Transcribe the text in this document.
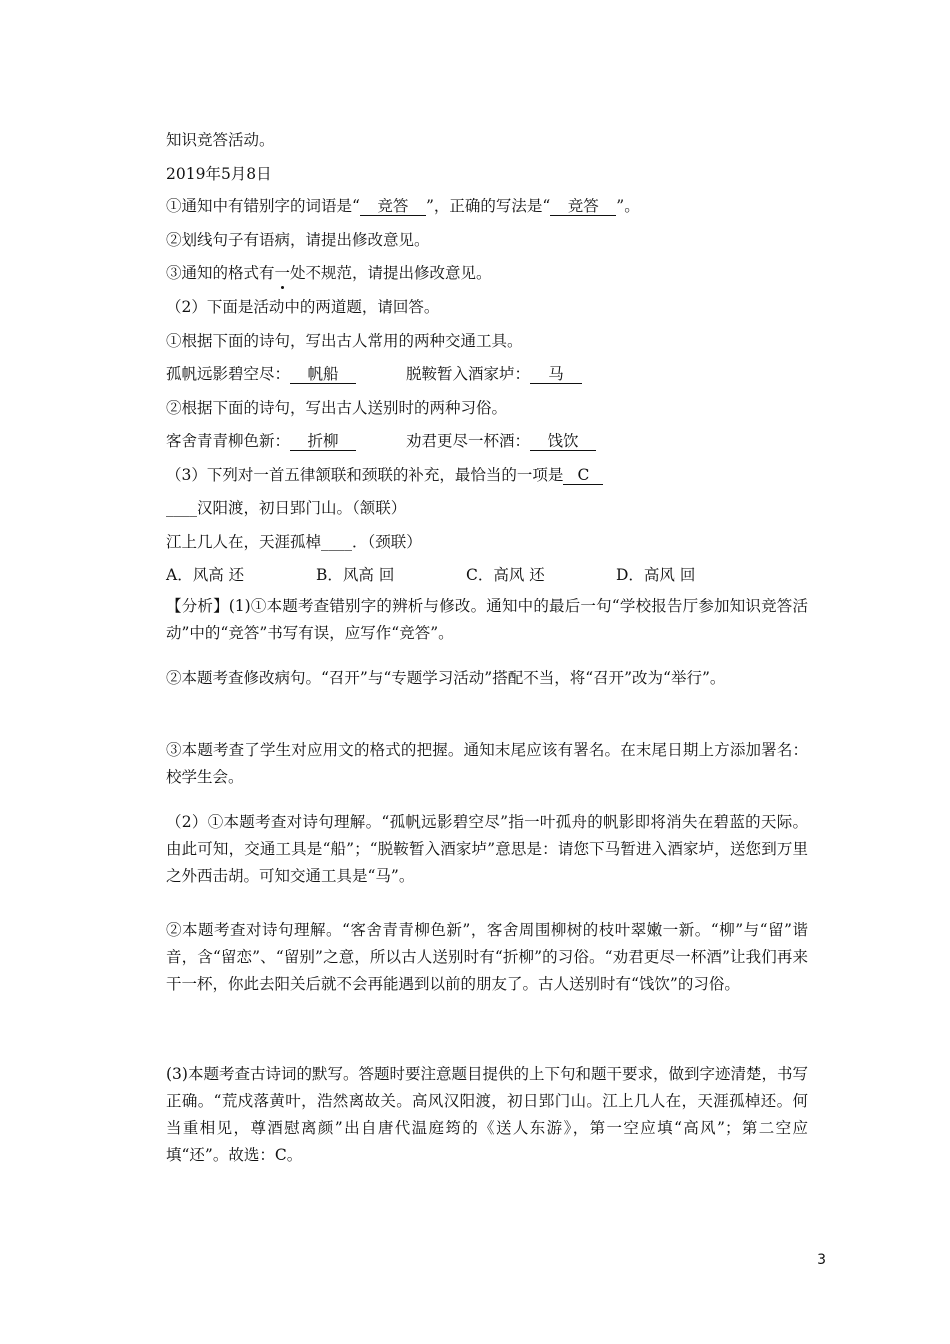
知识竞答活动。
2019年5月8日
①通知中有错别字的词语是“ 竞答 ”，正确的写法是“ 竞答 ”。
②划线句子有语病，请提出修改意见。
③通知的格式有一处不规范，请提出修改意见。
（2）下面是活动中的两道题，请回答。
①根据下面的诗句，写出古人常用的两种交通工具。
孤帆远影碧空尽： 帆船	脱鞍暂入酒家垆： 马
②根据下面的诗句，写出古人送别时的两种习俗。
客舍青青柳色新： 折柳	劝君更尽一杯酒： 饯饮
（3）下列对一首五律颔联和颈联的补充，最恰当的一项是 C
____汉阳渡，初日郢门山。（颔联）
江上几人在，天涯孤棹____．（颈联）
A．风高 还	B．风高 回	C．高风 还	D．高风 回
【分析】(1)①本题考查错别字的辨析与修改。通知中的最后一句“学校报告厅参加知识竞答活动”中的“竞答”书写有误，应写作“竞答”。
②本题考查修改病句。“召开”与“专题学习活动”搭配不当，将“召开”改为“举行”。
③本题考查了学生对应用文的格式的把握。通知末尾应该有署名。在末尾日期上方添加署名：校学生会。
（2）①本题考查对诗句理解。“孤帆远影碧空尽”指一叶孤舟的帆影即将消失在碧蓝的天际。由此可知，交通工具是“船”；“脱鞍暂入酒家垆”意思是：请您下马暂进入酒家垆，送您到万里之外西击胡。可知交通工具是“马”。
②本题考查对诗句理解。“客舍青青柳色新”，客舍周围柳树的枝叶翠嫩一新。“柳”与“留”谐音，含“留恋”、“留别”之意，所以古人送别时有“折柳”的习俗。“劝君更尽一杯酒”让我们再来干一杯，你此去阳关后就不会再能遇到以前的朋友了。古人送别时有“饯饮”的习俗。
(3)本题考查古诗词的默写。答题时要注意题目提供的上下句和题干要求，做到字迹清楚，书写正确。“荒戍落黄叶，浩然离故关。高风汉阳渡，初日郢门山。江上几人在，天涯孤棹还。何当重相见，尊酒慰离颜”出自唐代温庭筠的《送人东游》，第一空应填“高风”；第二空应填“还”。故选：C。
3
